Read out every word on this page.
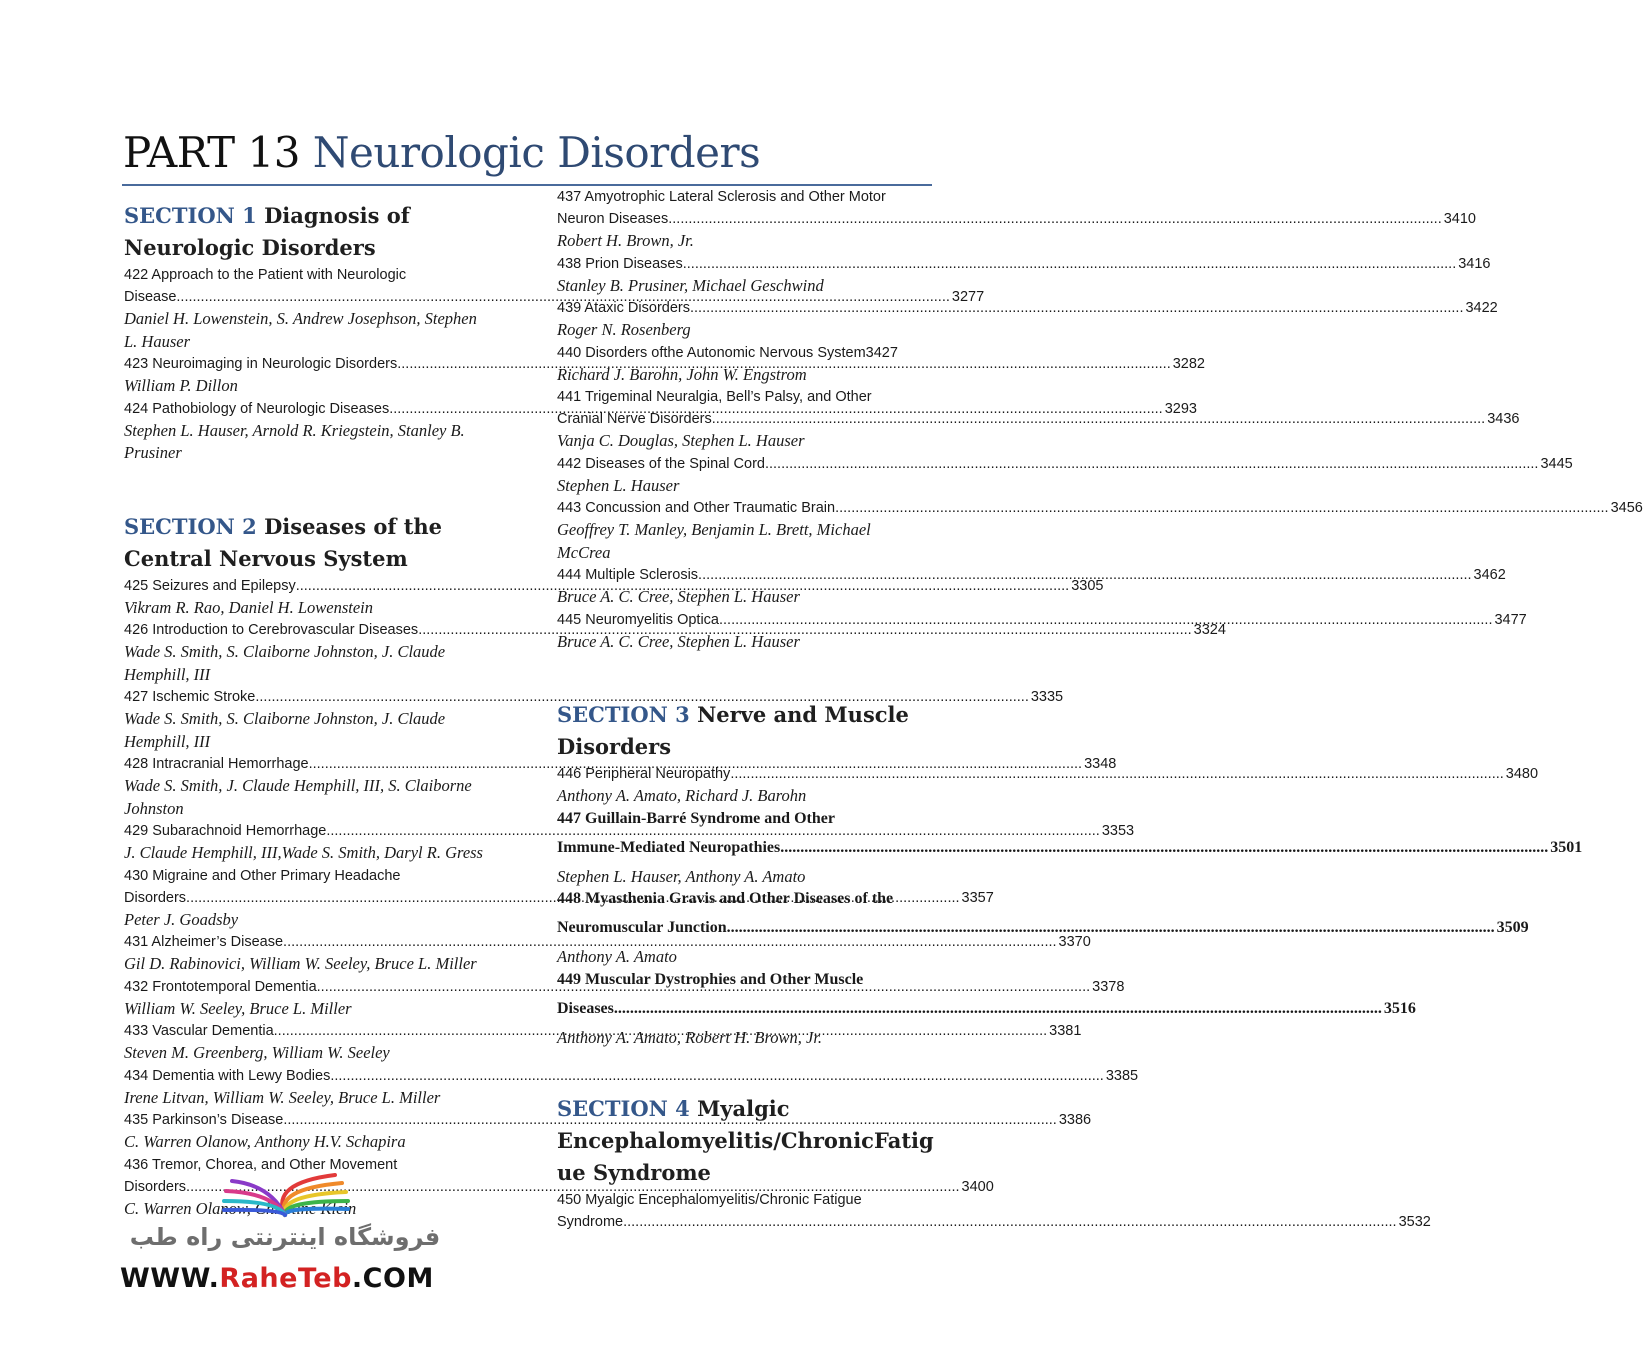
PART 13 Neurologic Disorders
SECTION 1 Diagnosis of
Neurologic Disorders
422 Approach to the Patient with Neurologic
Disease .....	3277
Daniel H. Lowenstein, S. Andrew Josephson, Stephen
L. Hauser
423 Neuroimaging in Neurologic Disorders .....	3282
William P. Dillon
424 Pathobiology of Neurologic Diseases .....	3293
Stephen L. Hauser, Arnold R. Kriegstein, Stanley B.
Prusiner
SECTION 2 Diseases of the
Central Nervous System
425 Seizures and Epilepsy .....	3305
Vikram R. Rao, Daniel H. Lowenstein
426 Introduction to Cerebrovascular Diseases .....	3324
Wade S. Smith, S. Claiborne Johnston, J. Claude
Hemphill, III
427 Ischemic Stroke .....	3335
Wade S. Smith, S. Claiborne Johnston, J. Claude
Hemphill, III
428 Intracranial Hemorrhage .....	3348
Wade S. Smith, J. Claude Hemphill, III, S. Claiborne
Johnston
429 Subarachnoid Hemorrhage .....	3353
J. Claude Hemphill, III,Wade S. Smith, Daryl R. Gress
430 Migraine and Other Primary Headache
Disorders .....	3357
Peter J. Goadsby
431 Alzheimer’s Disease .....	3370
Gil D. Rabinovici, William W. Seeley, Bruce L. Miller
432 Frontotemporal Dementia .....	3378
William W. Seeley, Bruce L. Miller
433 Vascular Dementia .....	3381
Steven M. Greenberg, William W. Seeley
434 Dementia with Lewy Bodies .....	3385
Irene Litvan, William W. Seeley, Bruce L. Miller
435 Parkinson’s Disease .....	3386
C. Warren Olanow, Anthony H.V. Schapira
436 Tremor, Chorea, and Other Movement
Disorders .....	3400
C. Warren Olanow, Christine Klein
437 Amyotrophic Lateral Sclerosis and Other Motor
Neuron Diseases .....	3410
Robert H. Brown, Jr.
438 Prion Diseases .....	3416
Stanley B. Prusiner, Michael Geschwind
439 Ataxic Disorders .....	3422
Roger N. Rosenberg
440 Disorders ofthe Autonomic Nervous System3427
Richard J. Barohn, John W. Engstrom
441 Trigeminal Neuralgia, Bell’s Palsy, and Other
Cranial Nerve Disorders .....	3436
Vanja C. Douglas, Stephen L. Hauser
442 Diseases of the Spinal Cord .....	3445
Stephen L. Hauser
443 Concussion and Other Traumatic Brain .....	3456
Geoffrey T. Manley, Benjamin L. Brett, Michael
McCrea
444 Multiple Sclerosis .....	3462
Bruce A. C. Cree, Stephen L. Hauser
445 Neuromyelitis Optica .....	3477
Bruce A. C. Cree, Stephen L. Hauser
SECTION 3 Nerve and Muscle
Disorders
446 Peripheral Neuropathy .....	3480
Anthony A. Amato, Richard J. Barohn
447 Guillain-Barré Syndrome and Other
Immune-Mediated Neuropathies .....	3501
Stephen L. Hauser, Anthony A. Amato
448 Myasthenia Gravis and Other Diseases of the
Neuromuscular Junction .....	3509
Anthony A. Amato
449 Muscular Dystrophies and Other Muscle
Diseases .....	3516
Anthony A. Amato, Robert H. Brown, Jr.
SECTION 4 Myalgic
Encephalomyelitis/ChronicFatig
ue Syndrome
450 Myalgic Encephalomyelitis/Chronic Fatigue
Syndrome .....	3532
فروشگاه اینترنتی راه طب
WWW.RaheTeb.COM
